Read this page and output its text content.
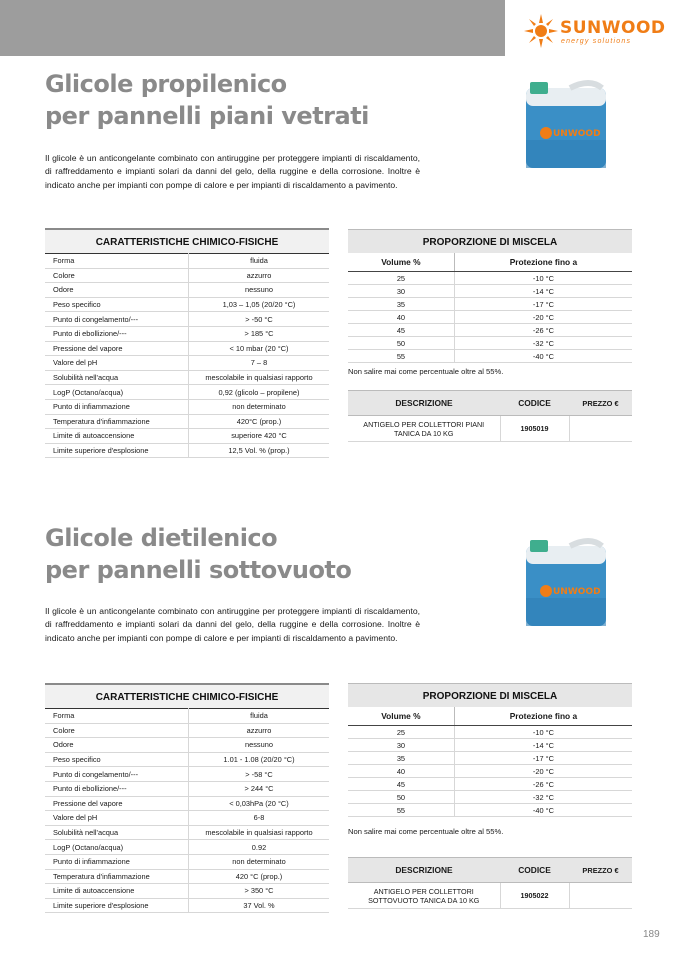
SUNWOOD
energy solutions
Glicole propilenico
per pannelli piani vetrati
Il glicole è un anticongelante combinato con antiruggine per proteggere impianti di riscaldamento, di raffreddamento e impianti solari da danni del gelo, della ruggine e della corrosione. Inoltre è indicato anche per impianti con pompe di calore e per impianti di riscaldamento a pavimento.
UNWOOD
CARATTERISTICHE CHIMICO-FISICHE
Forma	fluida
Colore	azzurro
Odore	nessuno
Peso specifico	1,03 – 1,05 (20/20 °C)
Punto di congelamento/---	> -50 °C
Punto di ebollizione/---	> 185 °C
Pressione del vapore	< 10 mbar (20 °C)
Valore del pH	7 – 8
Solubilità nell'acqua	mescolabile in qualsiasi rapporto
LogP (Octano/acqua)	0,92 (glicolo – propilene)
Punto di infiammazione	non determinato
Temperatura d'infiammazione	420°C (prop.)
Limite di autoaccensione	superiore 420 °C
Limite superiore d'esplosione	12,5 Vol. % (prop.)
PROPORZIONE DI MISCELA
Volume %	Protezione fino a
25	-10 °C
30	-14 °C
35	-17 °C
40	-20 °C
45	-26 °C
50	-32 °C
55	-40 °C
Non salire mai come percentuale oltre al 55%.
DESCRIZIONE	CODICE	PREZZO €
ANTIGELO PER COLLETTORI PIANI TANICA DA 10 KG	1905019	
Glicole dietilenico
per pannelli sottovuoto
Il glicole è un anticongelante combinato con antiruggine per proteggere impianti di riscaldamento, di raffreddamento e impianti solari da danni del gelo, della ruggine e della corrosione. Inoltre è indicato anche per impianti con pompe di calore e per impianti di riscaldamento a pavimento.
UNWOOD
CARATTERISTICHE CHIMICO-FISICHE
Forma	fluida
Colore	azzurro
Odore	nessuno
Peso specifico	1.01 - 1.08 (20/20 °C)
Punto di congelamento/---	> -58 °C
Punto di ebollizione/---	> 244 °C
Pressione del vapore	< 0,03hPa (20 °C)
Valore del pH	6-8
Solubilità nell'acqua	mescolabile in qualsiasi rapporto
LogP (Octano/acqua)	0.92
Punto di infiammazione	non determinato
Temperatura d'infiammazione	420 °C (prop.)
Limite di autoaccensione	> 350 °C
Limite superiore d'esplosione	37 Vol. %
PROPORZIONE DI MISCELA
Volume %	Protezione fino a
25	-10 °C
30	-14 °C
35	-17 °C
40	-20 °C
45	-26 °C
50	-32 °C
55	-40 °C
Non salire mai come percentuale oltre al 55%.
DESCRIZIONE	CODICE	PREZZO €
ANTIGELO PER COLLETTORI SOTTOVUOTO TANICA DA 10 KG	1905022	
189
